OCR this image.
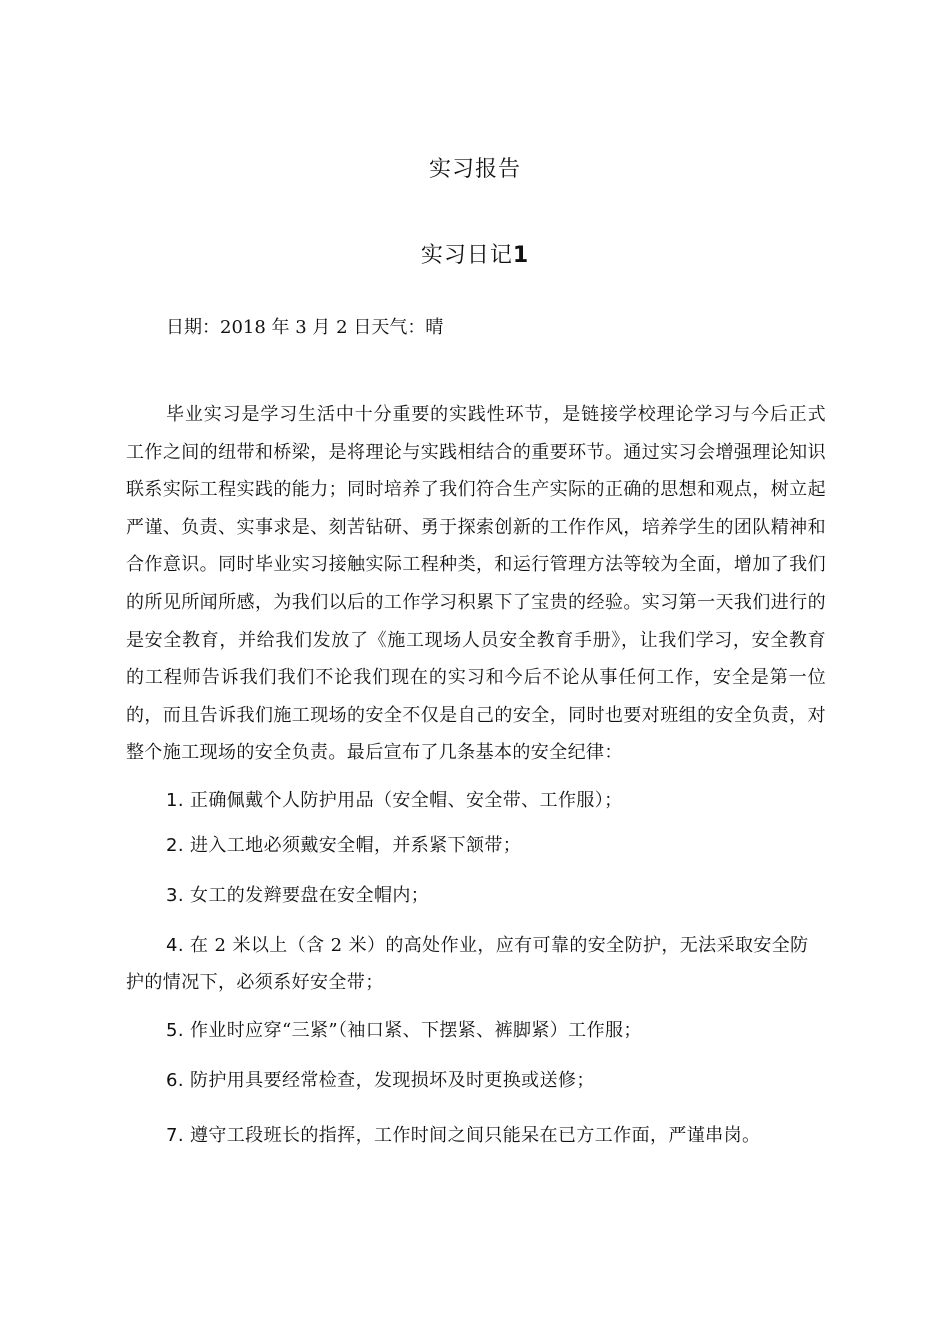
实习报告
实习日记1
日期：2018 年 3 月 2 日天气：晴
毕业实习是学习生活中十分重要的实践性环节，是链接学校理论学习与今后正式工作之间的纽带和桥梁，是将理论与实践相结合的重要环节。通过实习会增强理论知识联系实际工程实践的能力；同时培养了我们符合生产实际的正确的思想和观点，树立起严谨、负责、实事求是、刻苦钻研、勇于探索创新的工作作风，培养学生的团队精神和合作意识。同时毕业实习接触实际工程种类，和运行管理方法等较为全面，增加了我们的所见所闻所感，为我们以后的工作学习积累下了宝贵的经验。实习第一天我们进行的是安全教育，并给我们发放了《施工现场人员安全教育手册》，让我们学习，安全教育的工程师告诉我们我们不论我们现在的实习和今后不论从事任何工作，安全是第一位的，而且告诉我们施工现场的安全不仅是自己的安全，同时也要对班组的安全负责，对整个施工现场的安全负责。最后宣布了几条基本的安全纪律：
1. 正确佩戴个人防护用品（安全帽、安全带、工作服）；
2. 进入工地必须戴安全帽，并系紧下颔带；
3. 女工的发辫要盘在安全帽内；
4. 在 2 米以上（含 2 米）的高处作业，应有可靠的安全防护，无法采取安全防护的情况下，必须系好安全带；
5. 作业时应穿“三紧”（袖口紧、下摆紧、裤脚紧）工作服；
6. 防护用具要经常检查，发现损坏及时更换或送修；
7. 遵守工段班长的指挥，工作时间之间只能呆在已方工作面，严谨串岗。
